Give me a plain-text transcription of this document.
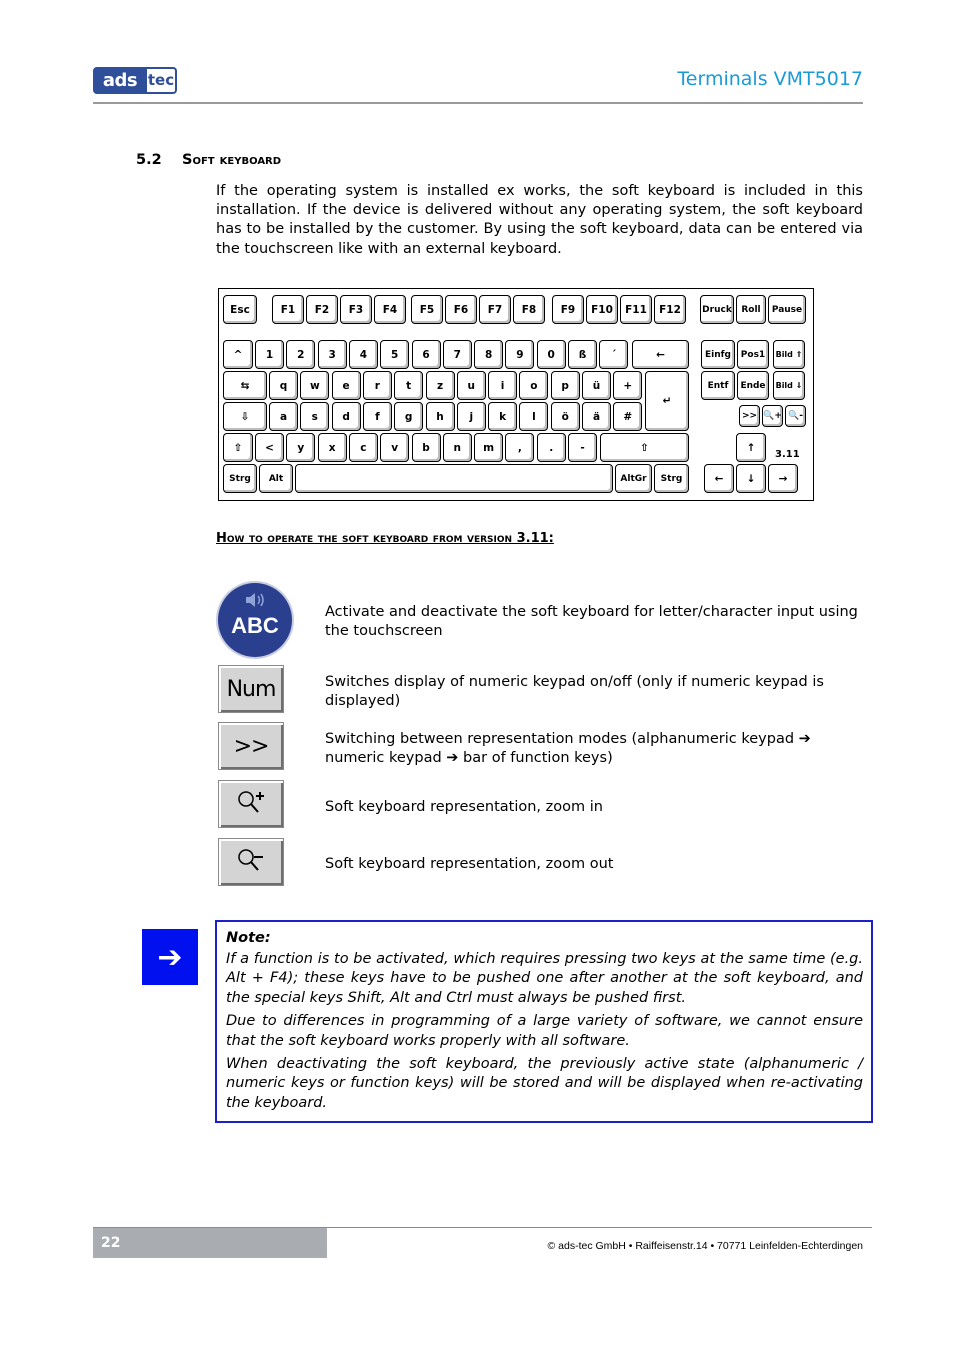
ads tec	Terminals VMT5017
5.2 Soft keyboard

If the operating system is installed ex works, the soft keyboard is included in this installation. If the device is delivered without any operating system, the soft keyboard has to be installed by the customer. By using the soft keyboard, data can be entered via the touchscreen like with an external keyboard.

Esc	F1	F2	F3	F4	F5	F6	F7	F8	F9	F10	F11	F12	Druck	Roll	Pause
^	1	2	3	4	5	6	7	8	9	0	ß	´	←
⇆	q	w	e	r	t	z	u	i	o	p	ü	+
↵
⇩	a	s	d	f	g	h	j	k	l	ö	ä	#
⇧	<	y	x	c	v	b	n	m	,	.	-	⇧
Strg	Alt	AltGr	Strg
Einfg	Pos1	Bild ⇑
Entf	Ende	Bild ⇓
>> 🔍+ 🔍-
↑
←	↓	→
3.11
How to operate the soft keyboard from version 3.11:
ABC
Activate and deactivate the soft keyboard for letter/character input using the touchscreen
Num	Switches display of numeric keypad on/off (only if numeric keypad is displayed)
>>	Switching between representation modes (alphanumeric keypad ➔ numeric keypad ➔ bar of function keys)
Soft keyboard representation, zoom in
Soft keyboard representation, zoom out
➔
Note:

If a function is to be activated, which requires pressing two keys at the same time (e.g. Alt + F4); these keys have to be pushed one after another at the soft keyboard, and the special keys Shift, Alt and Ctrl must always be pushed first.

Due to differences in programming of a large variety of software, we cannot ensure that the soft keyboard works properly with all software.

When deactivating the soft keyboard, the previously active state (alphanumeric / numeric keys or function keys) will be stored and will be displayed when re-activating the keyboard.

22	© ads-tec GmbH • Raiffeisenstr.14 • 70771 Leinfelden-Echterdingen
